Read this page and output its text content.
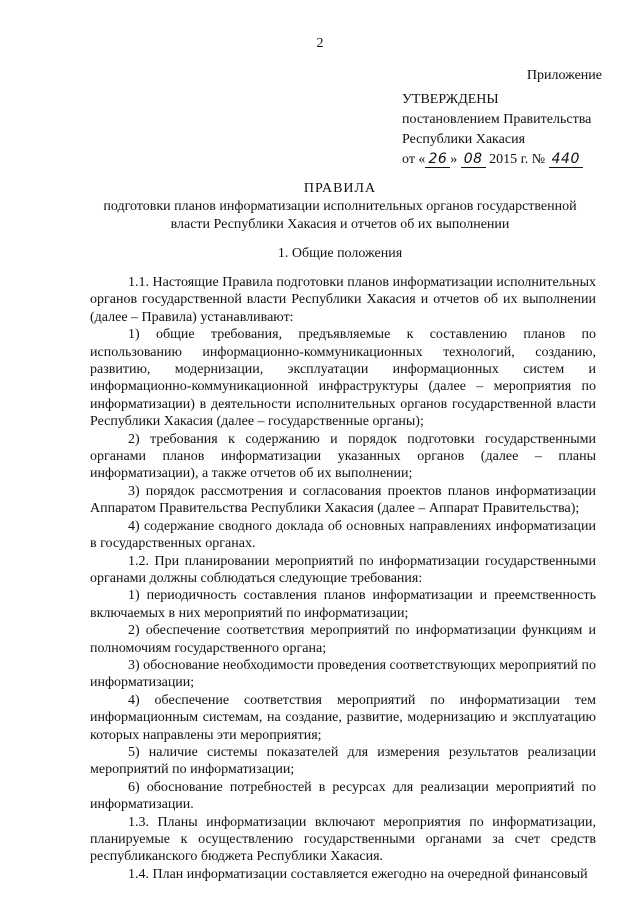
2
Приложение
УТВЕРЖДЕНЫ
постановлением Правительства
Республики Хакасия
от « 26 » 08 2015 г. № 440
ПРАВИЛА
подготовки планов информатизации исполнительных органов государственной
власти Республики Хакасия и отчетов об их выполнении
1. Общие положения

1.1. Настоящие Правила подготовки планов информатизации исполнительных органов государственной власти Республики Хакасия и отчетов об их выполнении (далее – Правила) устанавливают:

1) общие требования, предъявляемые к составлению планов по использованию информационно-коммуникационных технологий, созданию, развитию, модернизации, эксплуатации информационных систем и информационно-коммуникационной инфраструктуры (далее – мероприятия по информатизации) в деятельности исполнительных органов государственной власти Республики Хакасия (далее – государственные органы);

2) требования к содержанию и порядок подготовки государственными органами планов информатизации указанных органов (далее – планы информатизации), а также отчетов об их выполнении;

3) порядок рассмотрения и согласования проектов планов информатизации Аппаратом Правительства Республики Хакасия (далее – Аппарат Правительства);

4) содержание сводного доклада об основных направлениях информатизации в государственных органах.

1.2. При планировании мероприятий по информатизации государственными органами должны соблюдаться следующие требования:

1) периодичность составления планов информатизации и преемственность включаемых в них мероприятий по информатизации;

2) обеспечение соответствия мероприятий по информатизации функциям и полномочиям государственного органа;

3) обоснование необходимости проведения соответствующих мероприятий по информатизации;

4) обеспечение соответствия мероприятий по информатизации тем информационным системам, на создание, развитие, модернизацию и эксплуатацию которых направлены эти мероприятия;

5) наличие системы показателей для измерения результатов реализации мероприятий по информатизации;

6) обоснование потребностей в ресурсах для реализации мероприятий по информатизации.

1.3. Планы информатизации включают мероприятия по информатизации, планируемые к осуществлению государственными органами за счет средств республиканского бюджета Республики Хакасия.

1.4. План информатизации составляется ежегодно на очередной финансовый
